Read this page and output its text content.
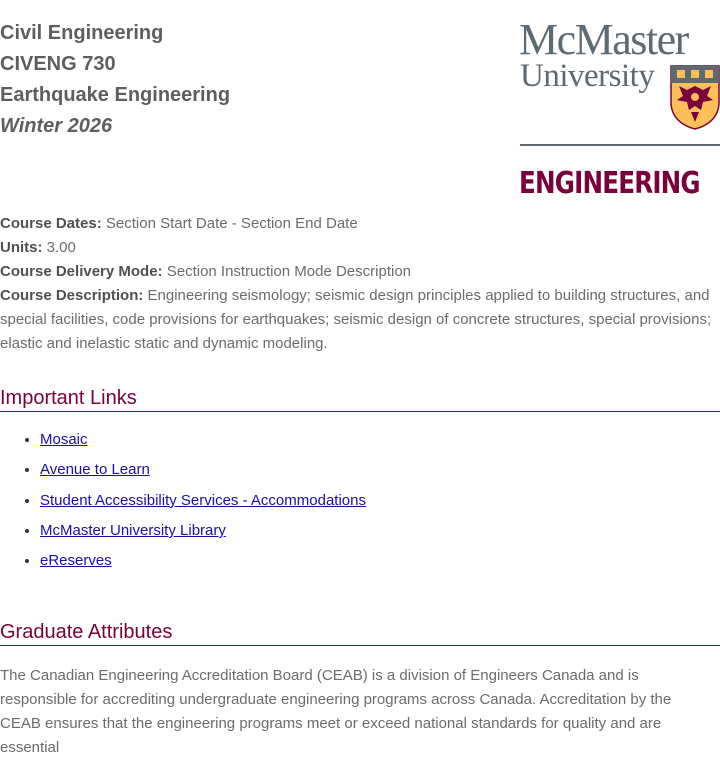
Civil Engineering
CIVENG 730
Earthquake Engineering
Winter 2026
McMaster
University
ENGINEERING

Course Dates: Section Start Date - Section End Date

Units: 3.00

Course Delivery Mode: Section Instruction Mode Description

Course Description: Engineering seismology; seismic design principles applied to building structures, and special facilities, code provisions for earthquakes; seismic design of concrete structures, special provisions; elastic and inelastic static and dynamic modeling.

Important Links
• Mosaic
• Avenue to Learn
• Student Accessibility Services - Accommodations
• McMaster University Library
• eReserves
Graduate Attributes

The Canadian Engineering Accreditation Board (CEAB) is a division of Engineers Canada and is responsible for accrediting undergraduate engineering programs across Canada. Accreditation by the CEAB ensures that the engineering programs meet or exceed national standards for quality and are essential
